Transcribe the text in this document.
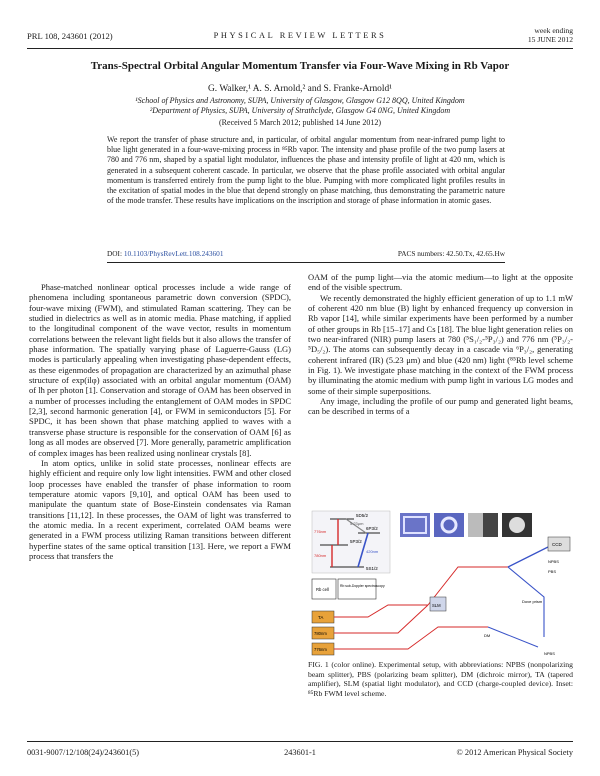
PRL 108, 243601 (2012)	PHYSICAL REVIEW LETTERS
week ending
15 JUNE 2012
Trans-Spectral Orbital Angular Momentum Transfer via Four-Wave Mixing in Rb Vapor
G. Walker,¹ A. S. Arnold,² and S. Franke-Arnold¹
¹School of Physics and Astronomy, SUPA, University of Glasgow, Glasgow G12 8QQ, United Kingdom
²Department of Physics, SUPA, University of Strathclyde, Glasgow G4 0NG, United Kingdom
(Received 5 March 2012; published 14 June 2012)
We report the transfer of phase structure and, in particular, of orbital angular momentum from near-infrared pump light to blue light generated in a four-wave-mixing process in ⁸⁵Rb vapor. The intensity and phase profile of the two pump lasers at 780 and 776 nm, shaped by a spatial light modulator, influences the phase and intensity profile of light at 420 nm, which is generated in a subsequent coherent cascade. In particular, we observe that the phase profile associated with orbital angular momentum is transferred entirely from the pump light to the blue. Pumping with more complicated light profiles results in the excitation of spatial modes in the blue that depend strongly on phase matching, thus demonstrating the parametric nature of the mode transfer. These results have implications on the inscription and storage of phase information in atomic gases.
DOI: 10.1103/PhysRevLett.108.243601	PACS numbers: 42.50.Tx, 42.65.Hw

Phase-matched nonlinear optical processes include a wide range of phenomena including spontaneous parametric down conversion (SPDC), four-wave mixing (FWM), and stimulated Raman scattering. They can be studied in dielectrics as well as in atomic media. Phase matching, if applied to the longitudinal component of the wave vector, results in momentum correlations between the relevant light fields but it also allows the transfer of phase information. The spatially varying phase of Laguerre-Gauss (LG) modes is particularly appealing when investigating phase-dependent effects, as these eigenmodes of propagation are characterized by an azimuthal phase structure of exp(ilφ) associated with an orbital angular momentum (OAM) of lħ per photon [1]. Conservation and storage of OAM has been observed in a number of processes including the entanglement of OAM modes in SPDC [2,3], second harmonic generation [4], or FWM in semiconductors [5]. For SPDC, it has been shown that phase matching applied to waves with a transverse phase structure is responsible for the conservation of OAM [6] as long as all modes are observed [7]. More generally, parametric amplification of complex images has been realized using nonlinear crystals [8].

In atom optics, unlike in solid state processes, nonlinear effects are highly efficient and require only low light intensities. FWM and other closed loop processes have enabled the transfer of phase information to room temperature atomic vapors [9,10], and optical OAM has been used to manipulate the quantum state of Bose-Einstein condensates via Raman transitions [11,12]. In these processes, the OAM of light was transferred to the atomic media. In a recent experiment, correlated OAM beams were generated in a FWM process utilizing Raman transitions between different hyperfine states of the same optical transition [13]. Here, we report a FWM process that transfers the

OAM of the pump light—via the atomic medium—to light at the opposite end of the visible spectrum.

We recently demonstrated the highly efficient generation of up to 1.1 mW of coherent 420 nm blue (B) light by enhanced frequency up conversion in Rb vapor [14], while similar experiments have been performed by a number of other groups in Rb [15–17] and Cs [18]. The blue light generation relies on two near-infrared (NIR) pump lasers at 780 (⁵S₁/₂-⁵P₃/₂) and 776 nm (⁵P₃/₂-⁵D₅/₂). The atoms can subsequently decay in a cascade via ⁶P₃/₂, generating coherent infrared (IR) (5.23 μm) and blue (420 nm) light (⁸⁵Rb level scheme in Fig. 1). We investigate phase matching in the context of the FWM process by illuminating the atomic medium with pump light in various LG modes and some of their simple superpositions.

Any image, including the profile of our pump and generated light beams, can be described in terms of a

5D5/2
6P3/2
5P3/2
5S1/2
5.23μm
776nm
780nm
420nm
Rb cell
Rb sub-Doppler spectroscopy
TA
780nm
776nm
SLM
CCD
NPBS
PBS
Dove prism
NPBS
DM
FIG. 1 (color online). Experimental setup, with abbreviations: NPBS (nonpolarizing beam splitter), PBS (polarizing beam splitter), DM (dichroic mirror), TA (tapered amplifier), SLM (spatial light modulator), and CCD (charge-coupled device). Inset: ⁸⁵Rb FWM level scheme.
0031-9007/12/108(24)/243601(5)	243601-1	© 2012 American Physical Society
